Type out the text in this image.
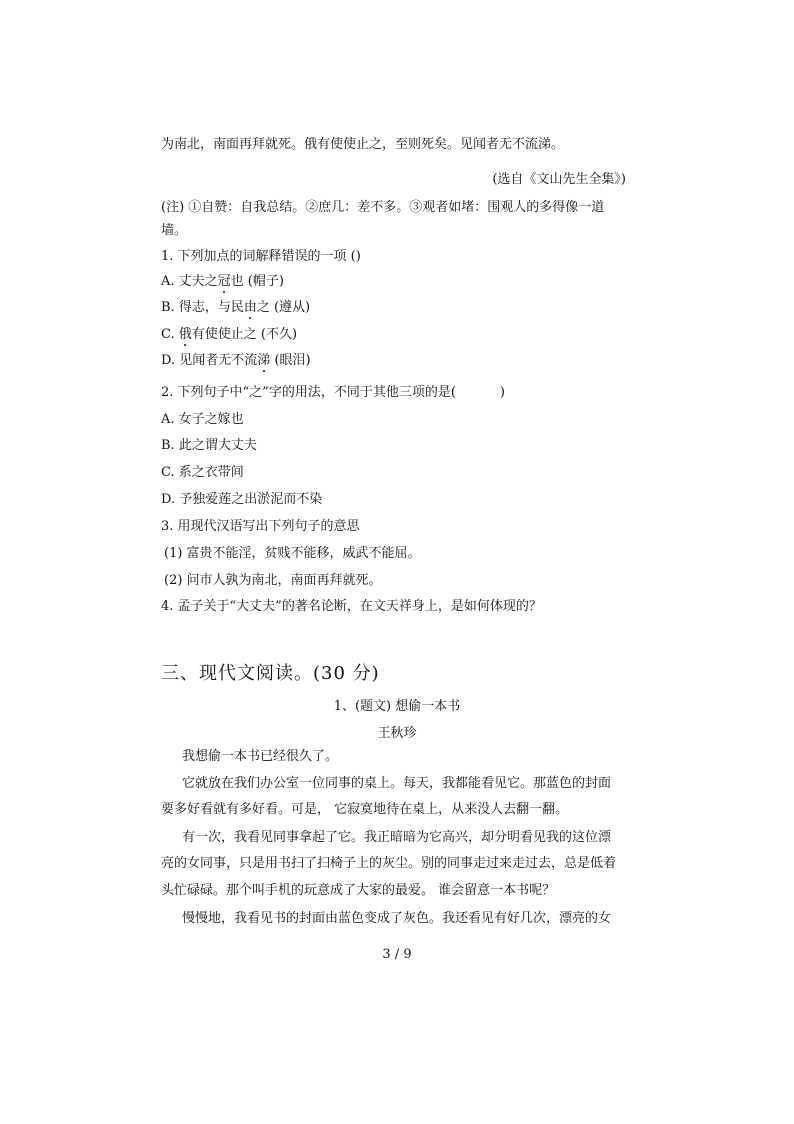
为南北，南面再拜就死。俄有使使止之，至则死矣。见闻者无不流涕。
(选自《文山先生全集》)
(注) ①自赞：自我总结。②庶几：差不多。③观者如堵：围观人的多得像一道
墙。
1. 下列加点的词解释错误的一项 ()
A. 丈夫之冠也 (帽子)
B. 得志，与民由之 (遵从)
C. 俄有使使止之 (不久)
D. 见闻者无不流涕 (眼泪)
2. 下列句子中“之”字的用法，不同于其他三项的是(	)
A. 女子之嫁也
B. 此之谓大丈夫
C. 系之衣带间
D. 予独爱莲之出淤泥而不染
3. 用现代汉语写出下列句子的意思
(1) 富贵不能淫，贫贱不能移，威武不能屈。
(2) 问市人孰为南北，南面再拜就死。
4. 孟子关于“大丈夫”的著名论断，在文天祥身上，是如何体现的？
三、现代文阅读。(30 分)
1、(题文) 想偷一本书
王秋珍
我想偷一本书已经很久了。
它就放在我们办公室一位同事的桌上。每天，我都能看见它。那蓝色的封面
要多好看就有多好看。可是， 它寂寞地待在桌上，从来没人去翻一翻。
有一次，我看见同事拿起了它。我正暗暗为它高兴，却分明看见我的这位漂
亮的女同事，只是用书扫了扫椅子上的灰尘。别的同事走过来走过去，总是低着
头忙碌碌。那个叫手机的玩意成了大家的最爱。 谁会留意一本书呢？
慢慢地，我看见书的封面由蓝色变成了灰色。我还看见有好几次，漂亮的女
3 / 9
